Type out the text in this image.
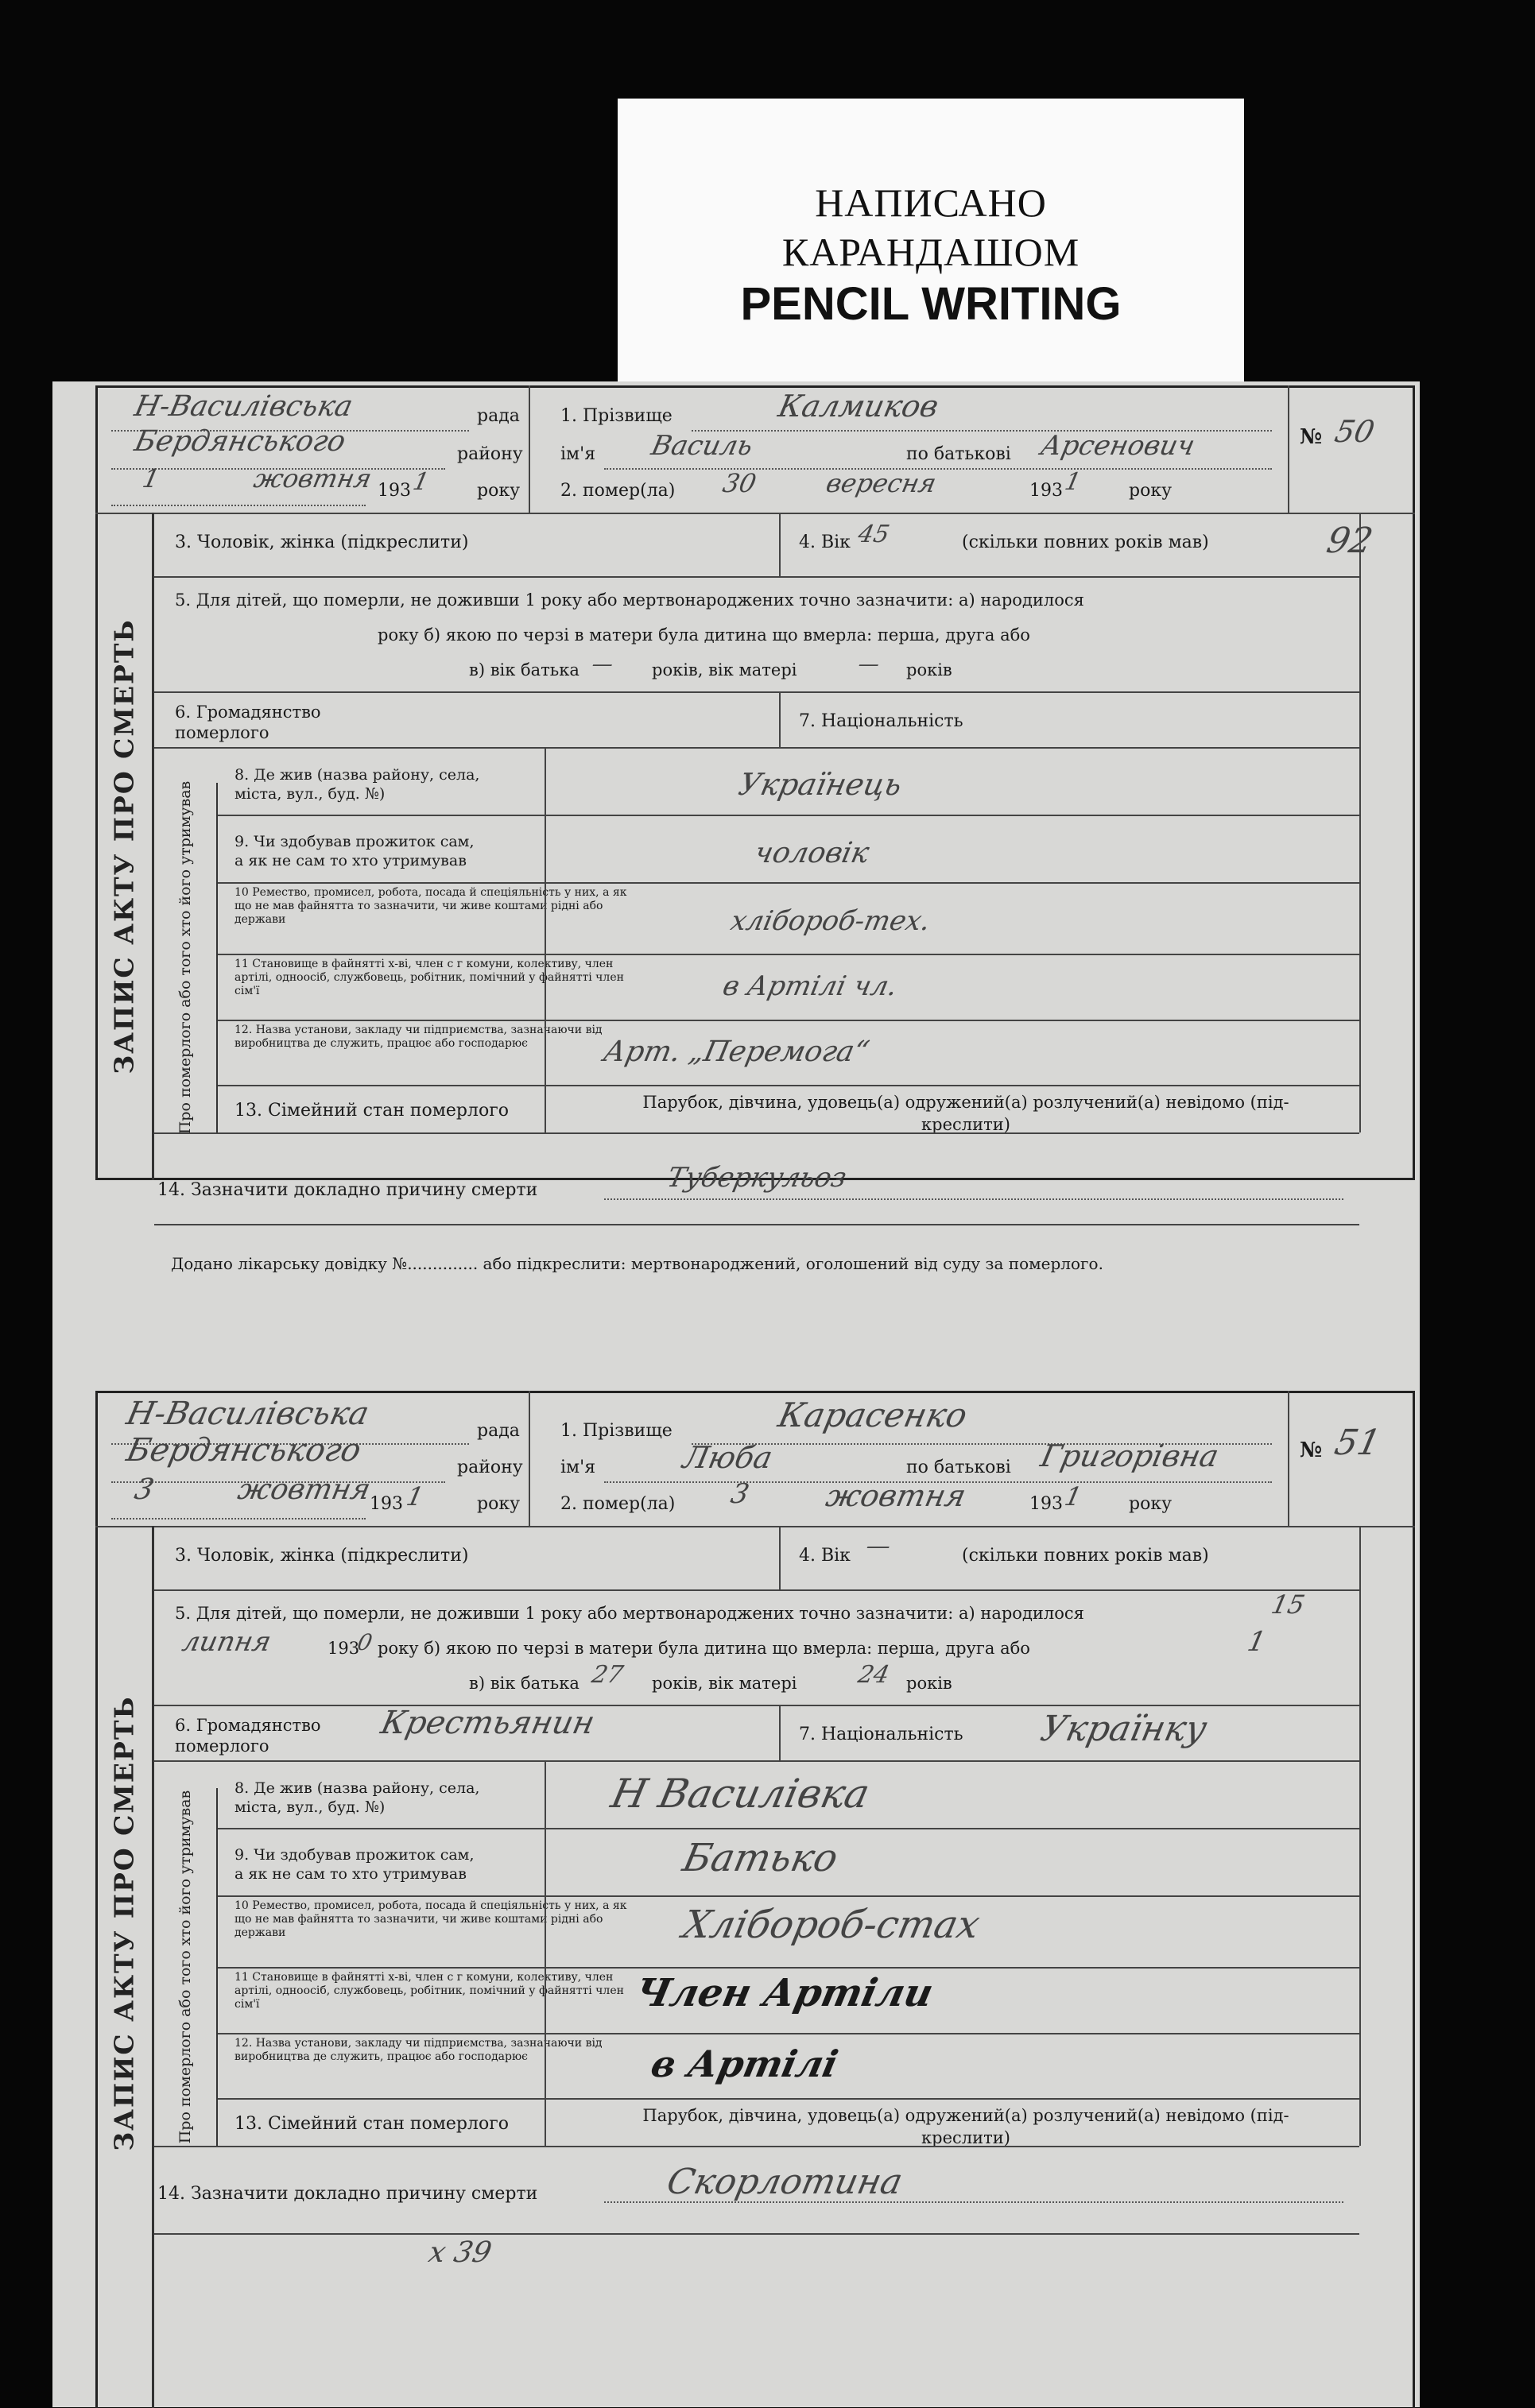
НАПИСАНО
КАРАНДАШОМ
PENCIL WRITING
Н-Василівська	рада
Бердянського	району
1	жовтня 193 1	року
1. Прізвище	Калмиков
ім'я Василь	по батькові Арсенович
2. помер(ла) 30	вересня	193 1	року
№ 50
ЗАПИС АКТУ ПРО СМЕРТЬ Про померлого або того хто його утримував
3. Чоловік, жінка (підкреслити)	4. Вік 45	(скільки повних років мав)	92
5. Для дітей, що померли, не доживши 1 року або мертвонароджених точно зазначити: а) народилося
року б) якою по черзі в матери була дитина що вмерла: перша, друга або
в) вік батька — років, вік матері	— років
6. Громадянство
померлого
7. Національність
8. Де жив (назва району, села,
міста, вул., буд. №)	Українець
9. Чи здобував прожиток сам,
а як не сам то хто утримував	чоловік
10 Ремество, промисел, робота, посада й спеціяльність у них, а як що не мав файнятта то зазначити, чи живе коштами рідні або держави	хлібороб-тех.
11 Становище в файнятті х-ві, член с г комуни, колективу, член артілі, одноосіб, службовець, робітник, помічний у файнятті член сім'ї	в Артілі чл.
12. Назва установи, закладу чи підприємства, зазначаючи від виробництва де служить, працює або господарює	Арт. „Перемога“
13. Сімейний стан померлого	Парубок, дівчина, удовець(а) одружений(а) розлучений(а) невідомо (під-
креслити)
14. Зазначити докладно причину смерти	Туберкульоз
Додано лікарську довідку №.............. або підкреслити: мертвонароджений, оголошений від суду за померлого.
Н-Василівська	рада
Бердянського	району
3	жовтня
193 1	року
1. Прізвище	Карасенко
ім'я	Люба	по батькові Григорівна
2. помер(ла) 3 жовтня	193
1	року
№ 51
ЗАПИС АКТУ ПРО СМЕРТЬ Про померлого або того хто його утримував
3. Чоловік, жінка (підкреслити)	4. Вік —	(скільки повних років мав)
5. Для дітей, що померли, не доживши 1 року або мертвонароджених точно зазначити: а) народилося	15
липня	193
0 року б) якою по черзі в матери була дитина що вмерла: перша, друга або	1
в) вік батька 27 років, вік матері 24 років
6. Громадянство
померлого
Крестьянин	7. Національність Українку
8. Де жив (назва району, села,
міста, вул., буд. №)	Н Василівка
9. Чи здобував прожиток сам,
а як не сам то хто утримував	Батько
10 Ремество, промисел, робота, посада й спеціяльність у них, а як що не мав файнятта то зазначити, чи живе коштами рідні або держави	Хлібороб-стах
11 Становище в файнятті х-ві, член с г комуни, колективу, член артілі, одноосіб, службовець, робітник, помічний у файнятті член сім'ї	Член Артіли
12. Назва установи, закладу чи підприємства, зазначаючи від виробництва де служить, працює або господарює	в Артілі
13. Сімейний стан померлого	Парубок, дівчина, удовець(а) одружений(а) розлучений(а) невідомо (під-
креслити)
14. Зазначити докладно причину смерти	Скорлотина
х 39
